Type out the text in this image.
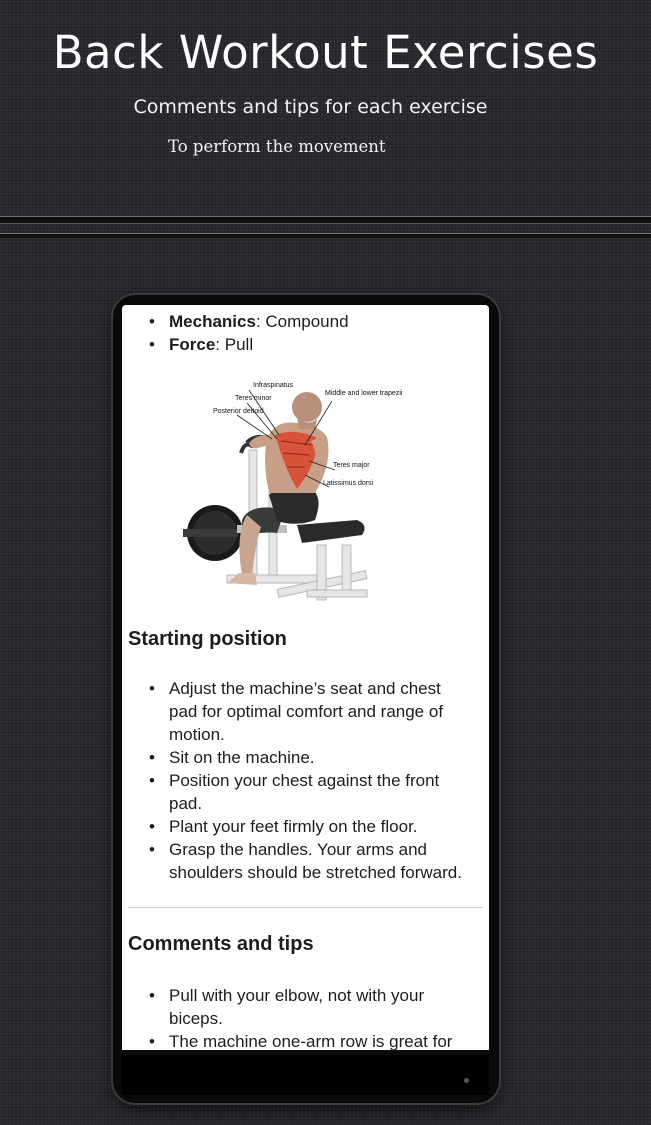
Back Workout Exercises
Comments and tips for each exercise
To perform the movement
• Mechanics: Compound
• Force: Pull
Infraspinatus
Teres minor
Posterior deltoid
Middle and lower trapezii
Teres major
Latissimus dorsi
Starting position
• Adjust the machine’s seat and chest pad for optimal comfort and range of motion.
• Sit on the machine.
• Position your chest against the front pad.
• Plant your feet firmly on the floor.
• Grasp the handles. Your arms and shoulders should be stretched forward.
Comments and tips
• Pull with your elbow, not with your biceps.
• The machine one-arm row is great for
